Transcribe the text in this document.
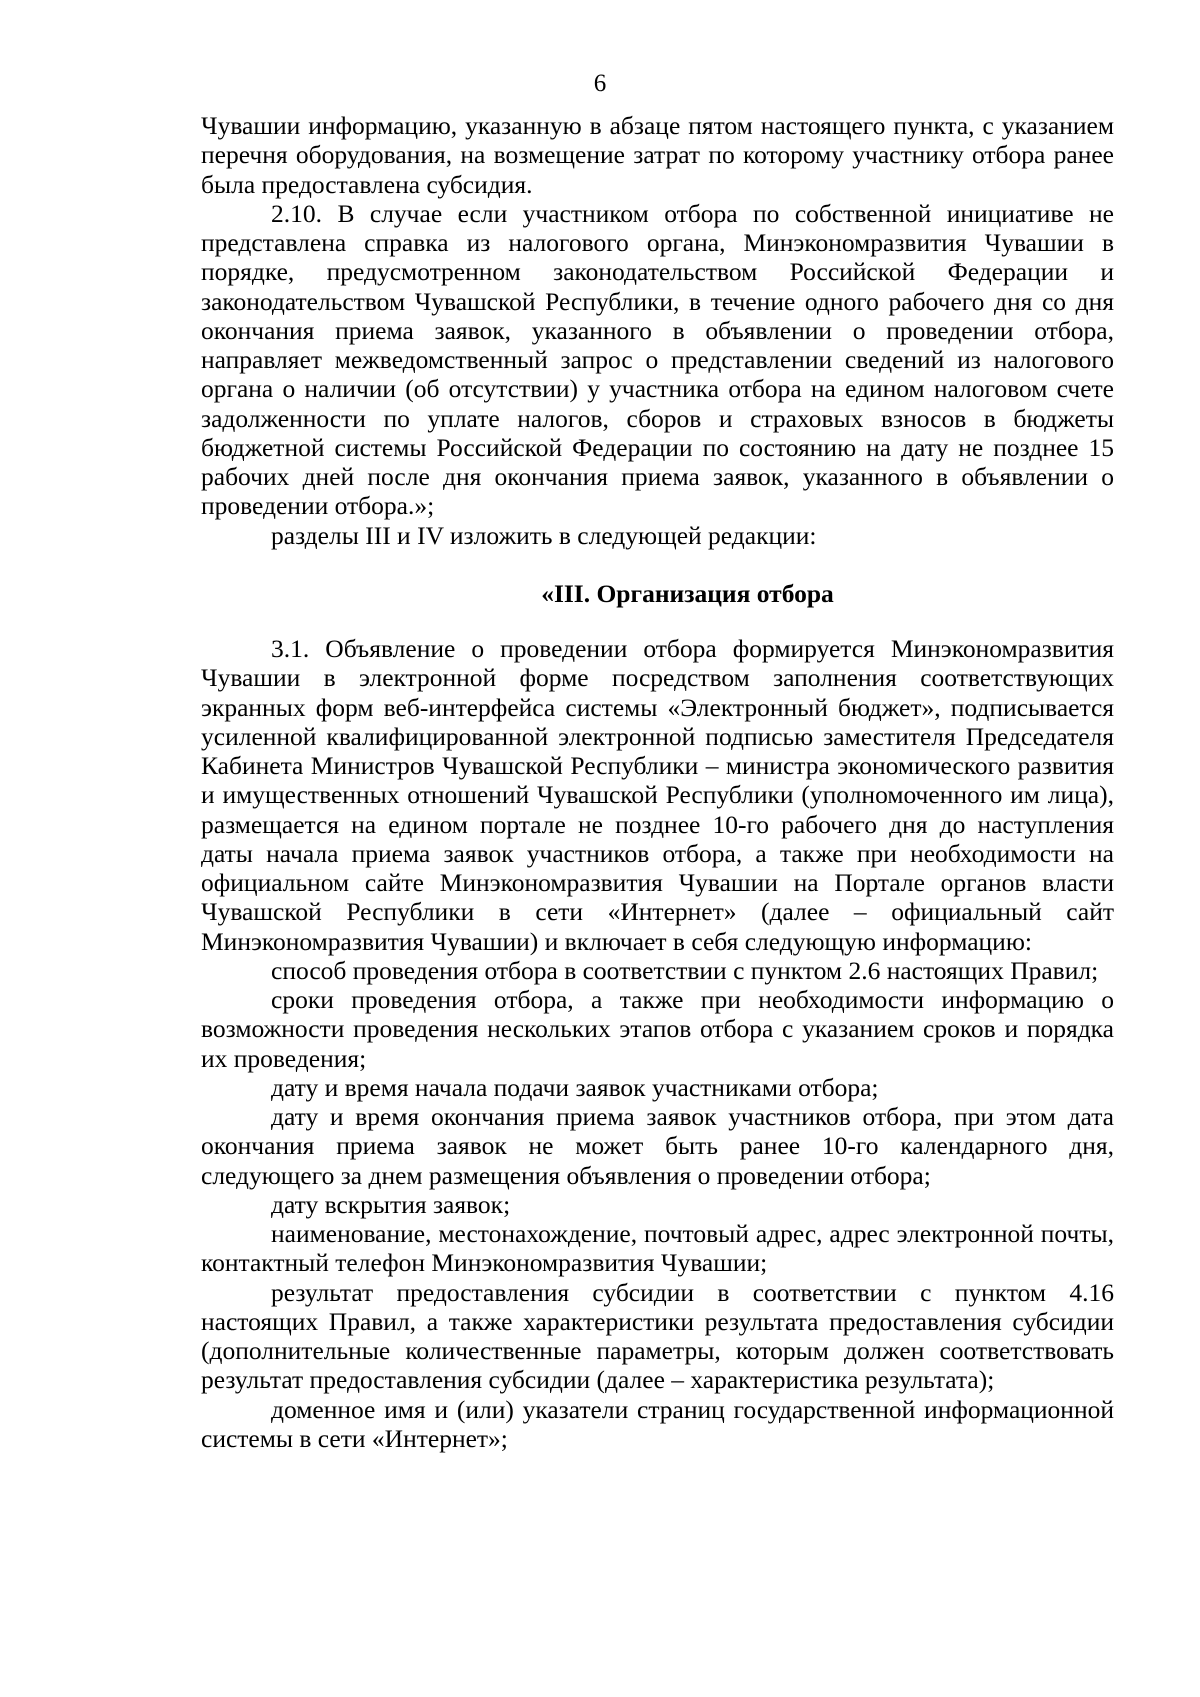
6

Чувашии информацию, указанную в абзаце пятом настоящего пункта, с указанием перечня оборудования, на возмещение затрат по которому участнику отбора ранее была предоставлена субсидия.

2.10. В случае если участником отбора по собственной инициативе не представлена справка из налогового органа, Минэкономразвития Чувашии в порядке, предусмотренном законодательством Российской Федерации и законодательством Чувашской Республики, в течение одного рабочего дня со дня окончания приема заявок, указанного в объявлении о проведении отбора, направляет межведомственный запрос о представлении сведений из налогового органа о наличии (об отсутствии) у участника отбора на едином налоговом счете задолженности по уплате налогов, сборов и страховых взносов в бюджеты бюджетной системы Российской Федерации по состоянию на дату не позднее 15 рабочих дней после дня окончания приема заявок, указанного в объявлении о проведении отбора.»;

разделы III и IV изложить в следующей редакции:

«III. Организация отбора

3.1. Объявление о проведении отбора формируется Минэкономразвития Чувашии в электронной форме посредством заполнения соответствующих экранных форм веб-интерфейса системы «Электронный бюджет», подписывается усиленной квалифицированной электронной подписью заместителя Председателя Кабинета Министров Чувашской Республики – министра экономического развития и имущественных отношений Чувашской Республики (уполномоченного им лица), размещается на едином портале не позднее 10-го рабочего дня до наступления даты начала приема заявок участников отбора, а также при необходимости на официальном сайте Минэкономразвития Чувашии на Портале органов власти Чувашской Республики в сети «Интернет» (далее – официальный сайт Минэкономразвития Чувашии) и включает в себя следующую информацию:

способ проведения отбора в соответствии с пунктом 2.6 настоящих Правил;

сроки проведения отбора, а также при необходимости информацию о возможности проведения нескольких этапов отбора с указанием сроков и порядка их проведения;

дату и время начала подачи заявок участниками отбора;

дату и время окончания приема заявок участников отбора, при этом дата окончания приема заявок не может быть ранее 10-го календарного дня, следующего за днем размещения объявления о проведении отбора;

дату вскрытия заявок;

наименование, местонахождение, почтовый адрес, адрес электронной почты, контактный телефон Минэкономразвития Чувашии;

результат предоставления субсидии в соответствии с пунктом 4.16 настоящих Правил, а также характеристики результата предоставления субсидии (дополнительные количественные параметры, которым должен соответствовать результат предоставления субсидии (далее – характеристика результата);

доменное имя и (или) указатели страниц государственной информационной системы в сети «Интернет»;
